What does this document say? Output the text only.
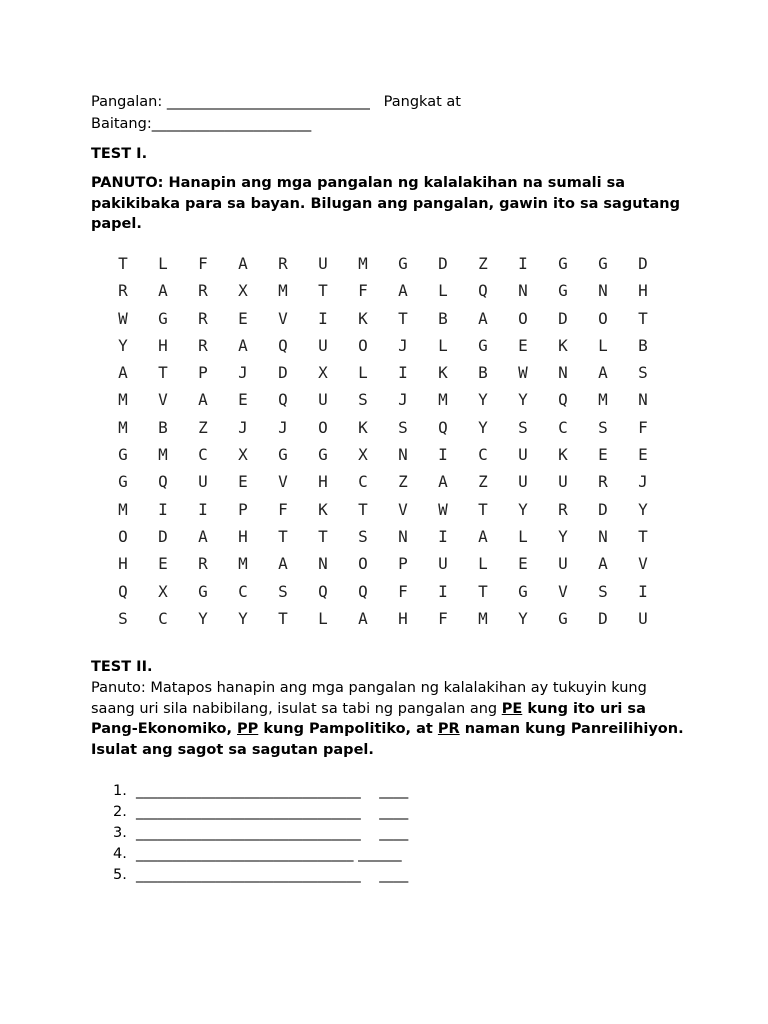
Pangalan: ____________________________   Pangkat at
Baitang:______________________
TEST I.
PANUTO: Hanapin ang mga pangalan ng kalalakihan na sumali sa pakikibaka para sa bayan. Bilugan ang pangalan, gawin ito sa sagutang papel.
T	L	F	A	R	U	M	G	D	Z	I	G	G	D
R	A	R	X	M	T	F	A	L	Q	N	G	N	H
W	G	R	E	V	I	K	T	B	A	O	D	O	T
Y	H	R	A	Q	U	O	J	L	G	E	K	L	B
A	T	P	J	D	X	L	I	K	B	W	N	A	S
M	V	A	E	Q	U	S	J	M	Y	Y	Q	M	N
M	B	Z	J	J	O	K	S	Q	Y	S	C	S	F
G	M	C	X	G	G	X	N	I	C	U	K	E	E
G	Q	U	E	V	H	C	Z	A	Z	U	U	R	J
M	I	I	P	F	K	T	V	W	T	Y	R	D	Y
O	D	A	H	T	T	S	N	I	A	L	Y	N	T
H	E	R	M	A	N	O	P	U	L	E	U	A	V
Q	X	G	C	S	Q	Q	F	I	T	G	V	S	I
S	C	Y	Y	T	L	A	H	F	M	Y	G	D	U
TEST II.
Panuto: Matapos hanapin ang mga pangalan ng kalalakihan ay tukuyin kung saang uri sila nabibilang, isulat sa tabi ng pangalan ang PE kung ito uri sa Pang-Ekonomiko, PP kung Pampolitiko, at PR naman kung Panreilihiyon. Isulat ang sagot sa sagutan papel.
1.  _______________________________    ____
2.  _______________________________    ____
3.  _______________________________    ____
4.  ______________________________ ______
5.  _______________________________    ____
